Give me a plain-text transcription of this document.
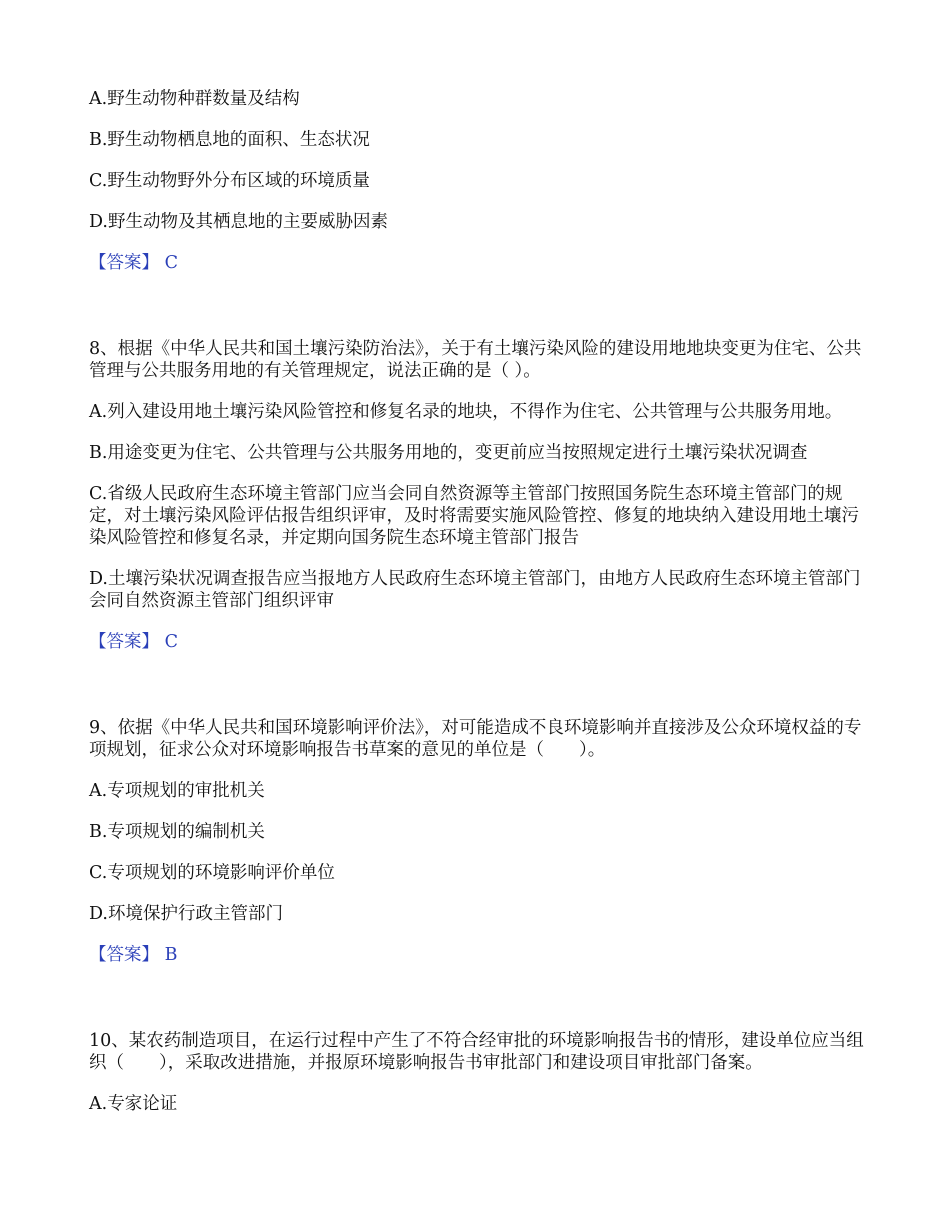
A.野生动物种群数量及结构

B.野生动物栖息地的面积、生态状况

C.野生动物野外分布区域的环境质量

D.野生动物及其栖息地的主要威胁因素

【答案】 C

8、根据《中华人民共和国土壤污染防治法》，关于有土壤污染风险的建设用地地块变更为住宅、公共管理与公共服务用地的有关管理规定，说法正确的是（ ）。

A.列入建设用地土壤污染风险管控和修复名录的地块，不得作为住宅、公共管理与公共服务用地。

B.用途变更为住宅、公共管理与公共服务用地的，变更前应当按照规定进行土壤污染状况调查

C.省级人民政府生态环境主管部门应当会同自然资源等主管部门按照国务院生态环境主管部门的规定，对土壤污染风险评估报告组织评审，及时将需要实施风险管控、修复的地块纳入建设用地土壤污染风险管控和修复名录，并定期向国务院生态环境主管部门报告

D.土壤污染状况调查报告应当报地方人民政府生态环境主管部门，由地方人民政府生态环境主管部门会同自然资源主管部门组织评审

【答案】 C

9、依据《中华人民共和国环境影响评价法》，对可能造成不良环境影响并直接涉及公众环境权益的专项规划，征求公众对环境影响报告书草案的意见的单位是（　　）。

A.专项规划的审批机关

B.专项规划的编制机关

C.专项规划的环境影响评价单位

D.环境保护行政主管部门

【答案】 B

10、某农药制造项目，在运行过程中产生了不符合经审批的环境影响报告书的情形，建设单位应当组织（　　），采取改进措施，并报原环境影响报告书审批部门和建设项目审批部门备案。

A.专家论证
